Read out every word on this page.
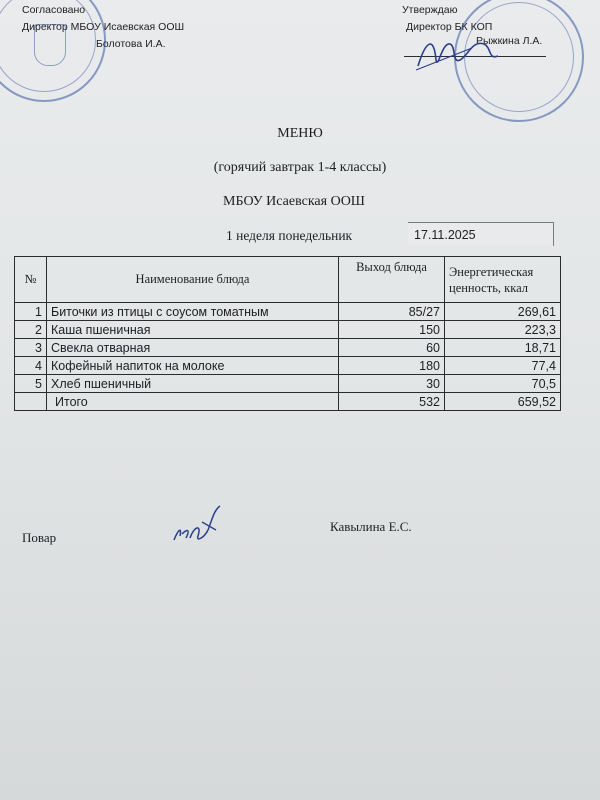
Согласовано
Директор МБОУ Исаевская ООШ
Болотова И.А.
Утверждаю
Директор БК КОП
Рыжкина Л.А.
МЕНЮ
(горячий завтрак 1-4 классы)
МБОУ Исаевская ООШ
1 неделя понедельник	17.11.2025
№	Наименование блюда	Выход блюда	Энергетическая ценность, ккал
1	Биточки из птицы с соусом томатным	85/27	269,61
2	Каша пшеничная	150	223,3
3	Свекла отварная	60	18,71
4	Кофейный напиток на молоке	180	77,4
5	Хлеб пшеничный	30	70,5
	Итого	532	659,52
Повар
Кавылина Е.С.
